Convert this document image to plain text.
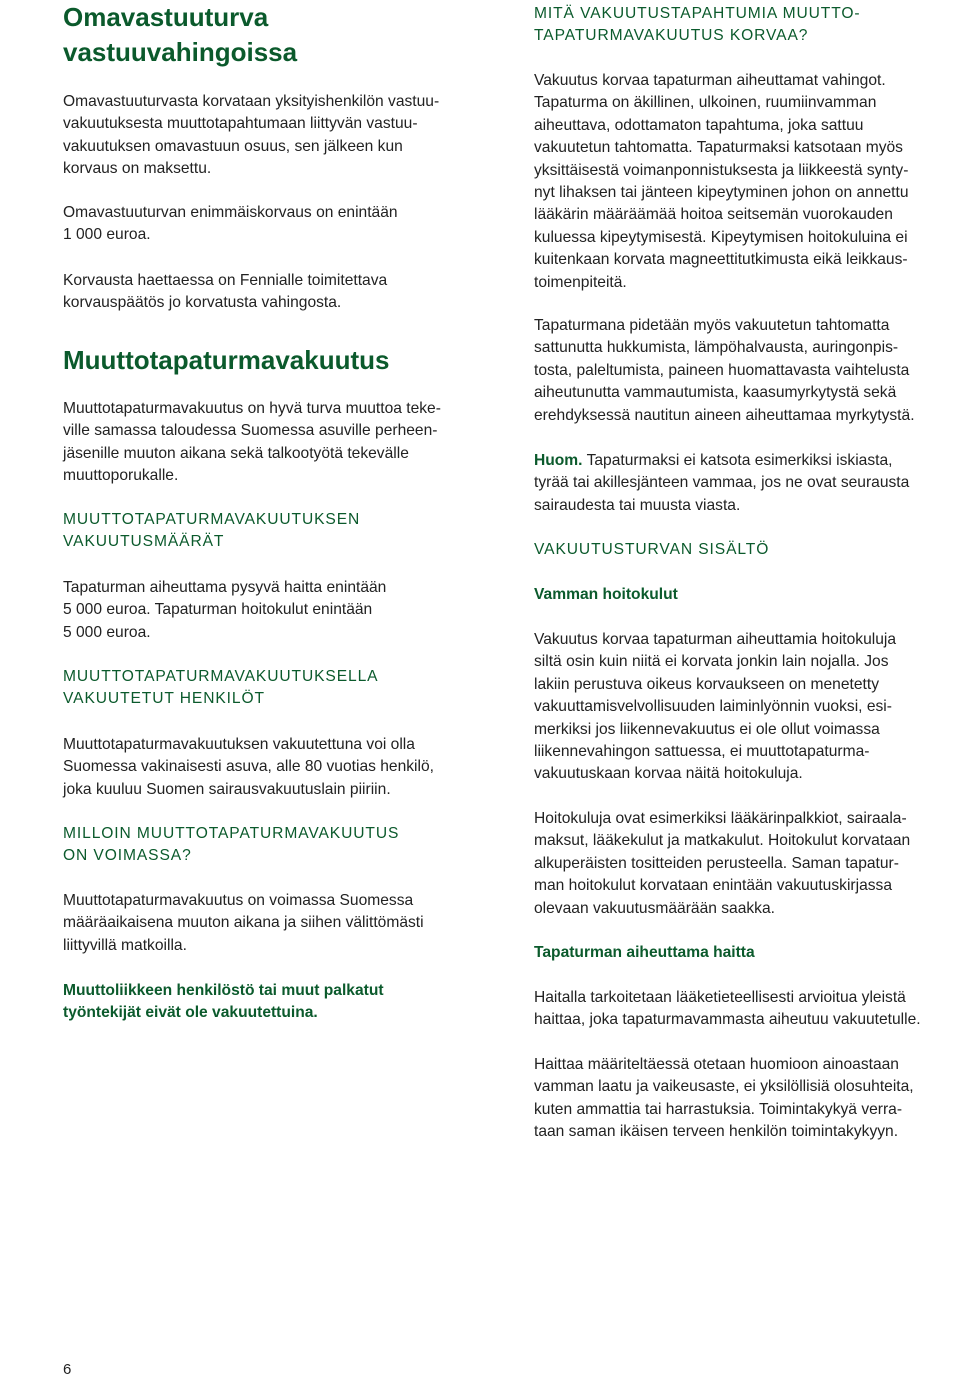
Omavastuuturva
vastuuvahingoissa

Omavastuuturvasta korvataan yksityishenkilön vastuu-
vakuutuksesta muuttotapahtumaan liittyvän vastuu-
vakuutuksen omavastuun osuus, sen jälkeen kun
korvaus on maksettu.

Omavastuuturvan enimmäiskorvaus on enintään
1 000 euroa.

Korvausta haettaessa on Fennialle toimitettava
korvauspäätös jo korvatusta vahingosta.

Muuttotapaturmavakuutus

Muuttotapaturmavakuutus on hyvä turva muuttoa teke-
ville samassa taloudessa Suomessa asuville perheen-
jäsenille muuton aikana sekä talkootyötä tekevälle
muuttoporukalle.

MUUTTOTAPATURMAVAKUUTUKSEN
VAKUUTUSMÄÄRÄT

Tapaturman aiheuttama pysyvä haitta enintään
5 000 euroa. Tapaturman hoitokulut enintään
5 000 euroa.

MUUTTOTAPATURMAVAKUUTUKSELLA
VAKUUTETUT HENKILÖT

Muuttotapaturmavakuutuksen vakuutettuna voi olla
Suomessa vakinaisesti asuva, alle 80 vuotias henkilö,
joka kuuluu Suomen sairausvakuutuslain piiriin.

MILLOIN MUUTTOTAPATURMAVAKUUTUS
ON VOIMASSA?

Muuttotapaturmavakuutus on voimassa Suomessa
määräaikaisena muuton aikana ja siihen välittömästi
liittyvillä matkoilla.

Muuttoliikkeen henkilöstö tai muut palkatut
työntekijät eivät ole vakuutettuina.

6
MITÄ VAKUUTUSTAPAHTUMIA MUUTTO-
TAPATURMAVAKUUTUS KORVAA?

Vakuutus korvaa tapaturman aiheuttamat vahingot.
Tapaturma on äkillinen, ulkoinen, ruumiinvamman
aiheuttava, odottamaton tapahtuma, joka sattuu
vakuutetun tahtomatta. Tapaturmaksi katsotaan myös
yksittäisestä voimanponnistuksesta ja liikkeestä synty-
nyt lihaksen tai jänteen kipeytyminen johon on annettu
lääkärin määräämää hoitoa seitsemän vuorokauden
kuluessa kipeytymisestä. Kipeytymisen hoitokuluina ei
kuitenkaan korvata magneettitutkimusta eikä leikkaus-
toimenpiteitä.

Tapaturmana pidetään myös vakuutetun tahtomatta
sattunutta hukkumista, lämpöhalvausta, auringonpis-
tosta, paleltumista, paineen huomattavasta vaihtelusta
aiheutunutta vammautumista, kaasumyrkytystä sekä
erehdyksessä nautitun aineen aiheuttamaa myrkytystä.

Huom. Tapaturmaksi ei katsota esimerkiksi iskiasta,
tyrää tai akillesjänteen vammaa, jos ne ovat seurausta
sairaudesta tai muusta viasta.

VAKUUTUSTURVAN SISÄLTÖ
Vamman hoitokulut

Vakuutus korvaa tapaturman aiheuttamia hoitokuluja
siltä osin kuin niitä ei korvata jonkin lain nojalla. Jos
lakiin perustuva oikeus korvaukseen on menetetty
vakuuttamisvelvollisuuden laiminlyönnin vuoksi, esi-
merkiksi jos liikennevakuutus ei ole ollut voimassa
liikennevahingon sattuessa, ei muuttotapaturma-
vakuutuskaan korvaa näitä hoitokuluja.

Hoitokuluja ovat esimerkiksi lääkärinpalkkiot, sairaala-
maksut, lääkekulut ja matkakulut. Hoitokulut korvataan
alkuperäisten tositteiden perusteella. Saman tapatur-
man hoitokulut korvataan enintään vakuutuskirjassa
olevaan vakuutusmäärään saakka.

Tapaturman aiheuttama haitta

Haitalla tarkoitetaan lääketieteellisesti arvioitua yleistä
haittaa, joka tapaturmavammasta aiheutuu vakuutetulle.

Haittaa määriteltäessä otetaan huomioon ainoastaan
vamman laatu ja vaikeusaste, ei yksilöllisiä olosuhteita,
kuten ammattia tai harrastuksia. Toimintakykyä verra-
taan saman ikäisen terveen henkilön toimintakykyyn.
